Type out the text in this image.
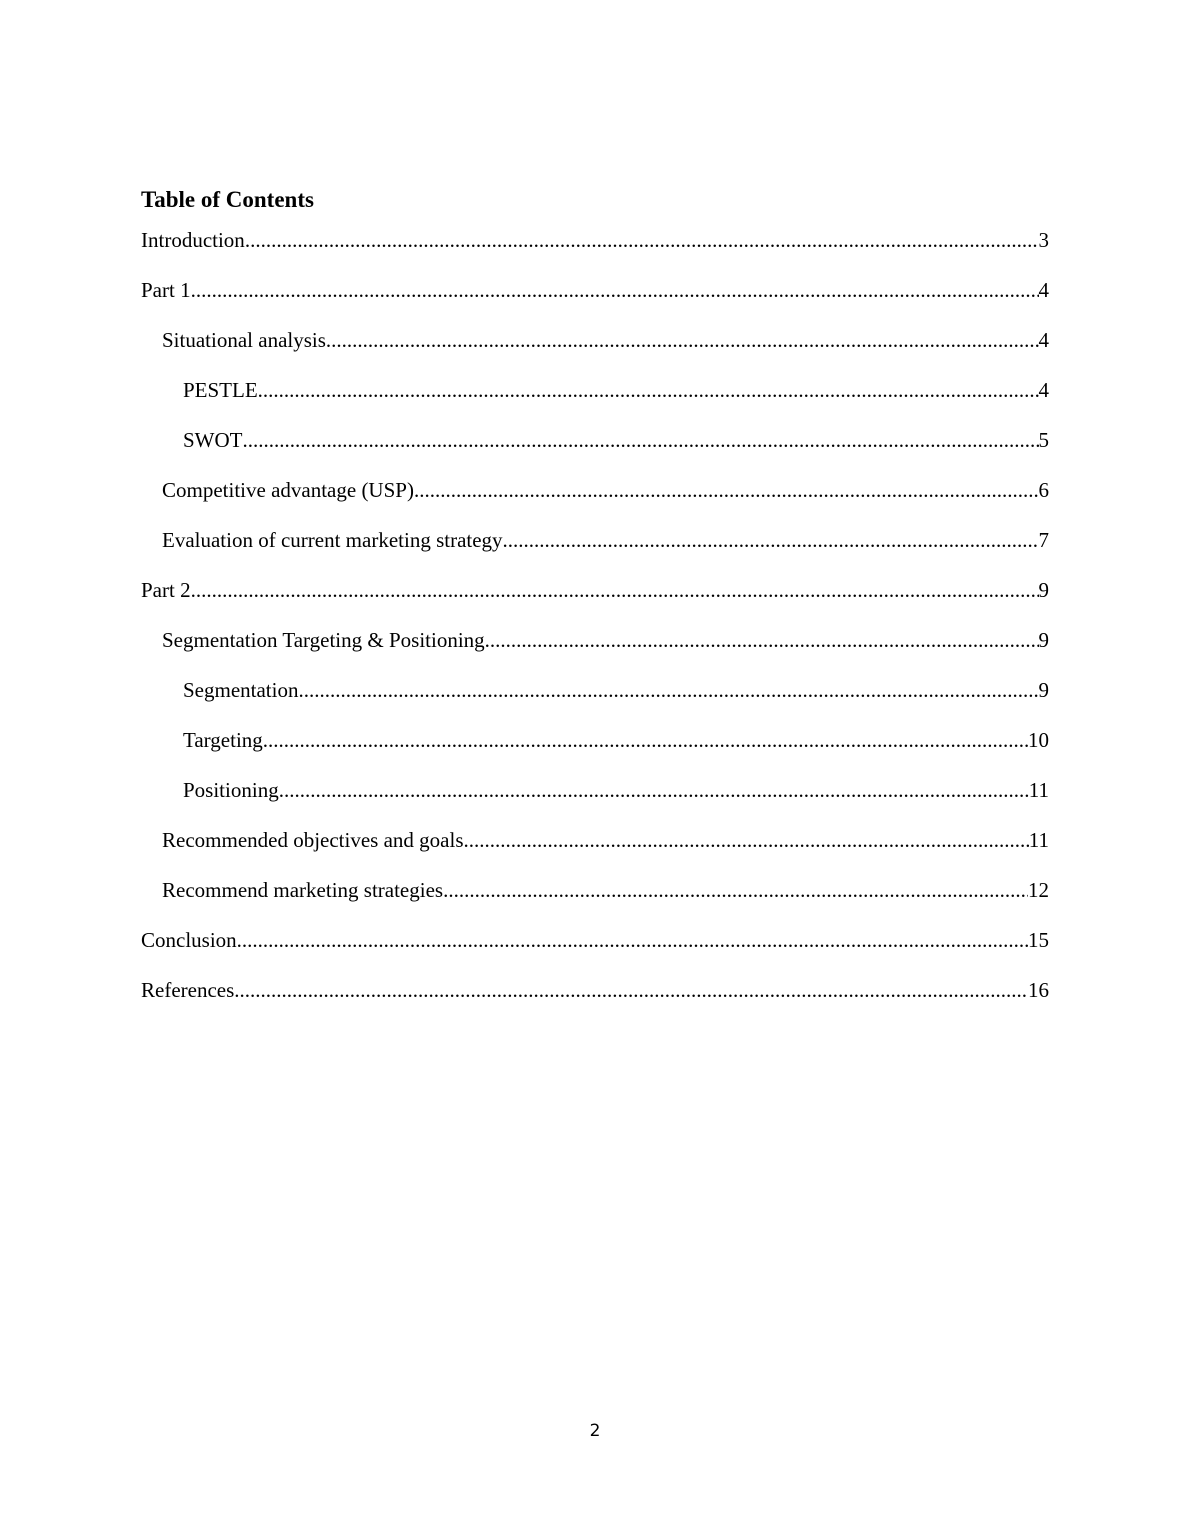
Table of Contents
Introduction .....	3
Part 1 .....	4
Situational analysis .....	4
PESTLE .....	4
SWOT .....	5
Competitive advantage (USP) .....	6
Evaluation of current marketing strategy .....	7
Part 2 .....	9
Segmentation Targeting & Positioning .....	9
Segmentation .....	9
Targeting .....	10
Positioning .....	11
Recommended objectives and goals .....	11
Recommend marketing strategies .....	12
Conclusion .....	15
References .....	16
2
